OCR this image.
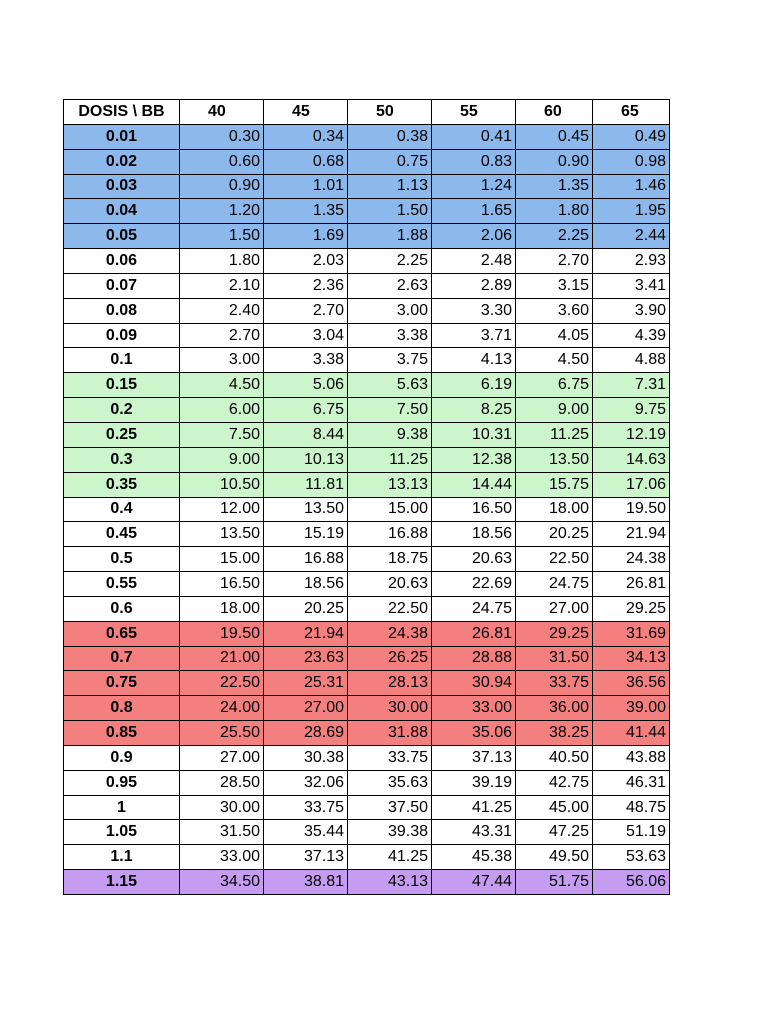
DOSIS \ BB	40	45	50	55	60	65
0.01	0.30	0.34	0.38	0.41	0.45	0.49
0.02	0.60	0.68	0.75	0.83	0.90	0.98
0.03	0.90	1.01	1.13	1.24	1.35	1.46
0.04	1.20	1.35	1.50	1.65	1.80	1.95
0.05	1.50	1.69	1.88	2.06	2.25	2.44
0.06	1.80	2.03	2.25	2.48	2.70	2.93
0.07	2.10	2.36	2.63	2.89	3.15	3.41
0.08	2.40	2.70	3.00	3.30	3.60	3.90
0.09	2.70	3.04	3.38	3.71	4.05	4.39
0.1	3.00	3.38	3.75	4.13	4.50	4.88
0.15	4.50	5.06	5.63	6.19	6.75	7.31
0.2	6.00	6.75	7.50	8.25	9.00	9.75
0.25	7.50	8.44	9.38	10.31	11.25	12.19
0.3	9.00	10.13	11.25	12.38	13.50	14.63
0.35	10.50	11.81	13.13	14.44	15.75	17.06
0.4	12.00	13.50	15.00	16.50	18.00	19.50
0.45	13.50	15.19	16.88	18.56	20.25	21.94
0.5	15.00	16.88	18.75	20.63	22.50	24.38
0.55	16.50	18.56	20.63	22.69	24.75	26.81
0.6	18.00	20.25	22.50	24.75	27.00	29.25
0.65	19.50	21.94	24.38	26.81	29.25	31.69
0.7	21.00	23.63	26.25	28.88	31.50	34.13
0.75	22.50	25.31	28.13	30.94	33.75	36.56
0.8	24.00	27.00	30.00	33.00	36.00	39.00
0.85	25.50	28.69	31.88	35.06	38.25	41.44
0.9	27.00	30.38	33.75	37.13	40.50	43.88
0.95	28.50	32.06	35.63	39.19	42.75	46.31
1	30.00	33.75	37.50	41.25	45.00	48.75
1.05	31.50	35.44	39.38	43.31	47.25	51.19
1.1	33.00	37.13	41.25	45.38	49.50	53.63
1.15	34.50	38.81	43.13	47.44	51.75	56.06
